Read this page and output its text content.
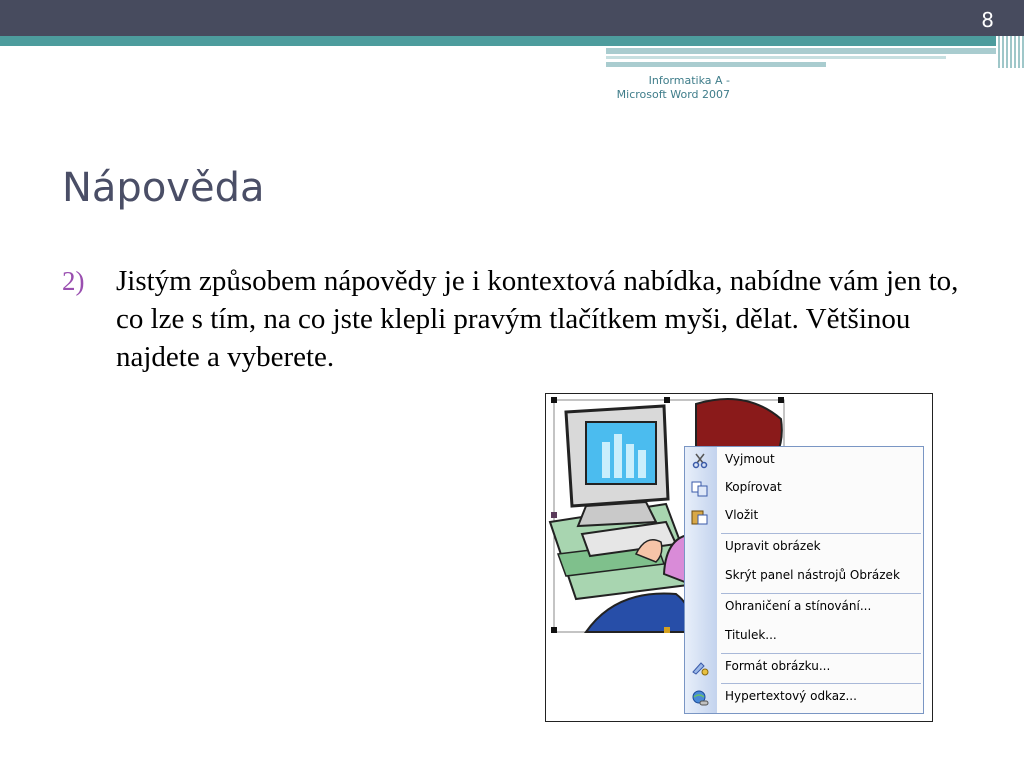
8
Informatika A -
Microsoft Word 2007
Nápověda
2) Jistým způsobem nápovědy je i kontextová nabídka, nabídne vám jen to, co lze s tím, na co jste klepli pravým tlačítkem myši, dělat. Většinou najdete a vyberete.
Vyjmout
Kopírovat
Vložit
Upravit obrázek
Skrýt panel nástrojů Obrázek
Ohraničení a stínování...
Titulek...
Formát obrázku...
Hypertextový odkaz...
